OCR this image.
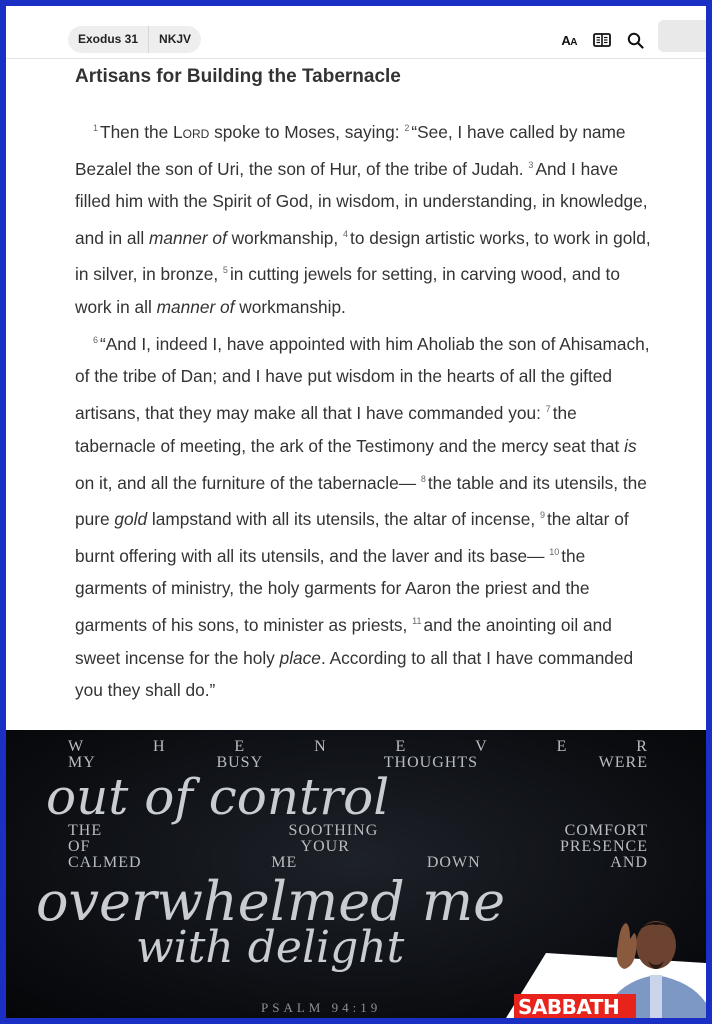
Exodus 31	NKJV	AA
Artisans for Building the Tabernacle

$^1$ Then the Lord spoke to Moses, saying: $^2$ “See, I have called by name Bezalel the son of Uri, the son of Hur, of the tribe of Judah. $^3$ And I have filled him with the Spirit of God, in wisdom, in understanding, in knowledge, and in all manner of workmanship, $^4$ to design artistic works, to work in gold, in silver, in bronze, $^5$ in cutting jewels for setting, in carving wood, and to work in all manner of workmanship.

$^6$ “And I, indeed I, have appointed with him Aholiab the son of Ahisamach, of the tribe of Dan; and I have put wisdom in the hearts of all the gifted artisans, that they may make all that I have commanded you: $^7$ the tabernacle of meeting, the ark of the Testimony and the mercy seat that is on it, and all the furniture of the tabernacle— $^8$ the table and its utensils, the pure gold lampstand with all its utensils, the altar of incense, $^9$ the altar of burnt offering with all its utensils, and the laver and its base— $^{10}$ the garments of ministry, the holy garments for Aaron the priest and the garments of his sons, to minister as priests, $^{11}$ and the anointing oil and sweet incense for the holy place. According to all that I have commanded you they shall do.”

W	H	E	N	E	V	E	R
MY	BUSY	THOUGHTS	WERE
out of control
THE	SOOTHING	COMFORT
OF	YOUR	PRESENCE
CALMED	ME	DOWN	AND
overwhelmed me
with delight
PSALM 94:19	SABBATH
